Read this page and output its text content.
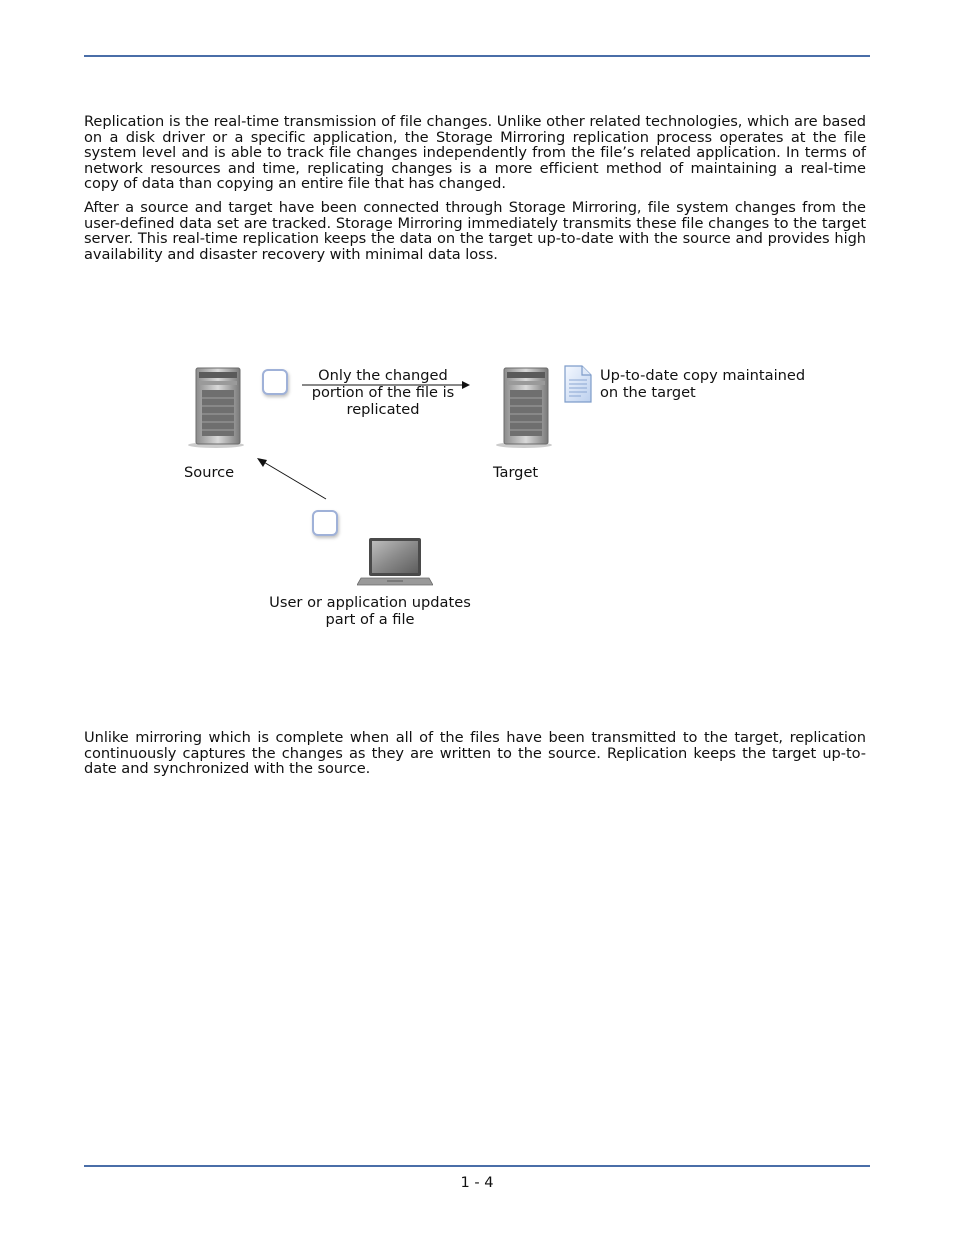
Replication is the real-time transmission of file changes. Unlike other related technologies, which are based on a disk driver or a specific application, the Storage Mirroring replication process operates at the file system level and is able to track file changes independently from the file’s related application. In terms of network resources and time, replicating changes is a more efficient method of maintaining a real-time copy of data than copying an entire file that has changed.

After a source and target have been connected through Storage Mirroring, file system changes from the user-defined data set are tracked. Storage Mirroring immediately transmits these file changes to the target server. This real-time replication keeps the data on the target up-to-date with the source and provides high availability and disaster recovery with minimal data loss.

Only the changed
portion of the file is
replicated
Up-to-date copy maintained
on the target
Source	Target
User or application updates
part of a file

Unlike mirroring which is complete when all of the files have been transmitted to the target, replication continuously captures the changes as they are written to the source. Replication keeps the target up-to-date and synchronized with the source.

1 - 4
